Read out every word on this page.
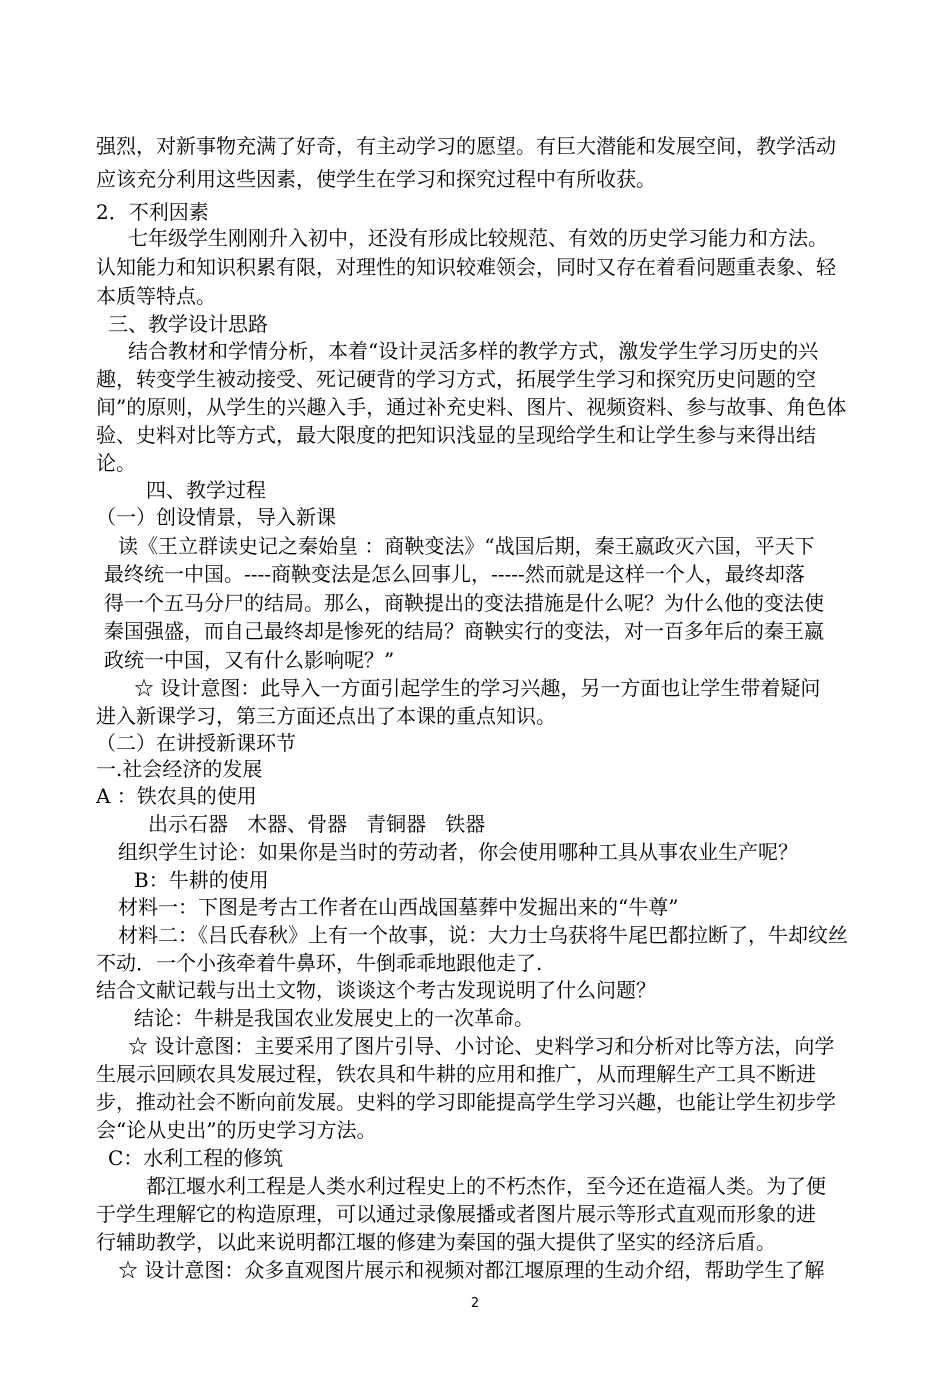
强烈，对新事物充满了好奇，有主动学习的愿望。有巨大潜能和发展空间，教学活动
应该充分利用这些因素，使学生在学习和探究过程中有所收获。
2．不利因素
七年级学生刚刚升入初中，还没有形成比较规范、有效的历史学习能力和方法。
认知能力和知识积累有限，对理性的知识较难领会，同时又存在着看问题重表象、轻
本质等特点。
三、教学设计思路
结合教材和学情分析，本着“设计灵活多样的教学方式，激发学生学习历史的兴
趣，转变学生被动接受、死记硬背的学习方式，拓展学生学习和探究历史问题的空
间”的原则，从学生的兴趣入手，通过补充史料、图片、视频资料、参与故事、角色体
验、史料对比等方式，最大限度的把知识浅显的呈现给学生和让学生参与来得出结
论。
四、教学过程
（一）创设情景，导入新课
读《王立群读史记之秦始皇 ：商鞅变法》“战国后期，秦王嬴政灭六国，平天下
最终统一中国。----商鞅变法是怎么回事儿，-----然而就是这样一个人，最终却落
得一个五马分尸的结局。那么，商鞅提出的变法措施是什么呢？为什么他的变法使
秦国强盛，而自己最终却是惨死的结局？商鞅实行的变法，对一百多年后的秦王嬴
政统一中国，又有什么影响呢？”
☆ 设计意图：此导入一方面引起学生的学习兴趣，另一方面也让学生带着疑问
进入新课学习，第三方面还点出了本课的重点知识。
（二）在讲授新课环节
一.社会经济的发展
A ：铁农具的使用
出示石器   木器、骨器   青铜器   铁器
组织学生讨论：如果你是当时的劳动者，你会使用哪种工具从事农业生产呢？
B：牛耕的使用
材料一：下图是考古工作者在山西战国墓葬中发掘出来的“牛尊”
材料二：《吕氏春秋》上有一个故事，说：大力士乌获将牛尾巴都拉断了，牛却纹丝
不动．一个小孩牵着牛鼻环，牛倒乖乖地跟他走了.
结合文献记载与出土文物，谈谈这个考古发现说明了什么问题？
结论：牛耕是我国农业发展史上的一次革命。
☆ 设计意图：主要采用了图片引导、小讨论、史料学习和分析对比等方法，向学
生展示回顾农具发展过程，铁农具和牛耕的应用和推广，从而理解生产工具不断进
步，推动社会不断向前发展。史料的学习即能提高学生学习兴趣，也能让学生初步学
会“论从史出”的历史学习方法。
C：水利工程的修筑
都江堰水利工程是人类水利过程史上的不朽杰作，至今还在造福人类。为了便
于学生理解它的构造原理，可以通过录像展播或者图片展示等形式直观而形象的进
行辅助教学，以此来说明都江堰的修建为秦国的强大提供了坚实的经济后盾。
☆ 设计意图：众多直观图片展示和视频对都江堰原理的生动介绍，帮助学生了解
2
